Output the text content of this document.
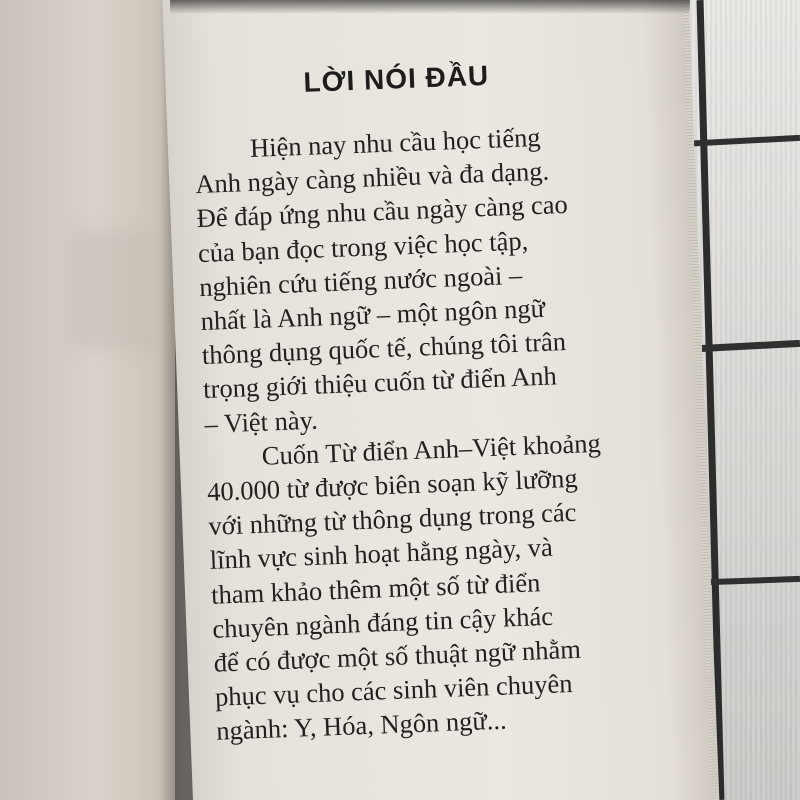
LỜI NÓI ĐẦU

Hiện nay nhu cầu học tiếng
Anh ngày càng nhiều và đa dạng.
Để đáp ứng nhu cầu ngày càng cao
của bạn đọc trong việc học tập,
nghiên cứu tiếng nước ngoài –
nhất là Anh ngữ – một ngôn ngữ
thông dụng quốc tế, chúng tôi trân
trọng giới thiệu cuốn từ điển Anh
– Việt này.

Cuốn Từ điển Anh–Việt khoảng
40.000 từ được biên soạn kỹ lưỡng
với những từ thông dụng trong các
lĩnh vực sinh hoạt hằng ngày, và
tham khảo thêm một số từ điển
chuyên ngành đáng tin cậy khác
để có được một số thuật ngữ nhằm
phục vụ cho các sinh viên chuyên
ngành: Y, Hóa, Ngôn ngữ...
